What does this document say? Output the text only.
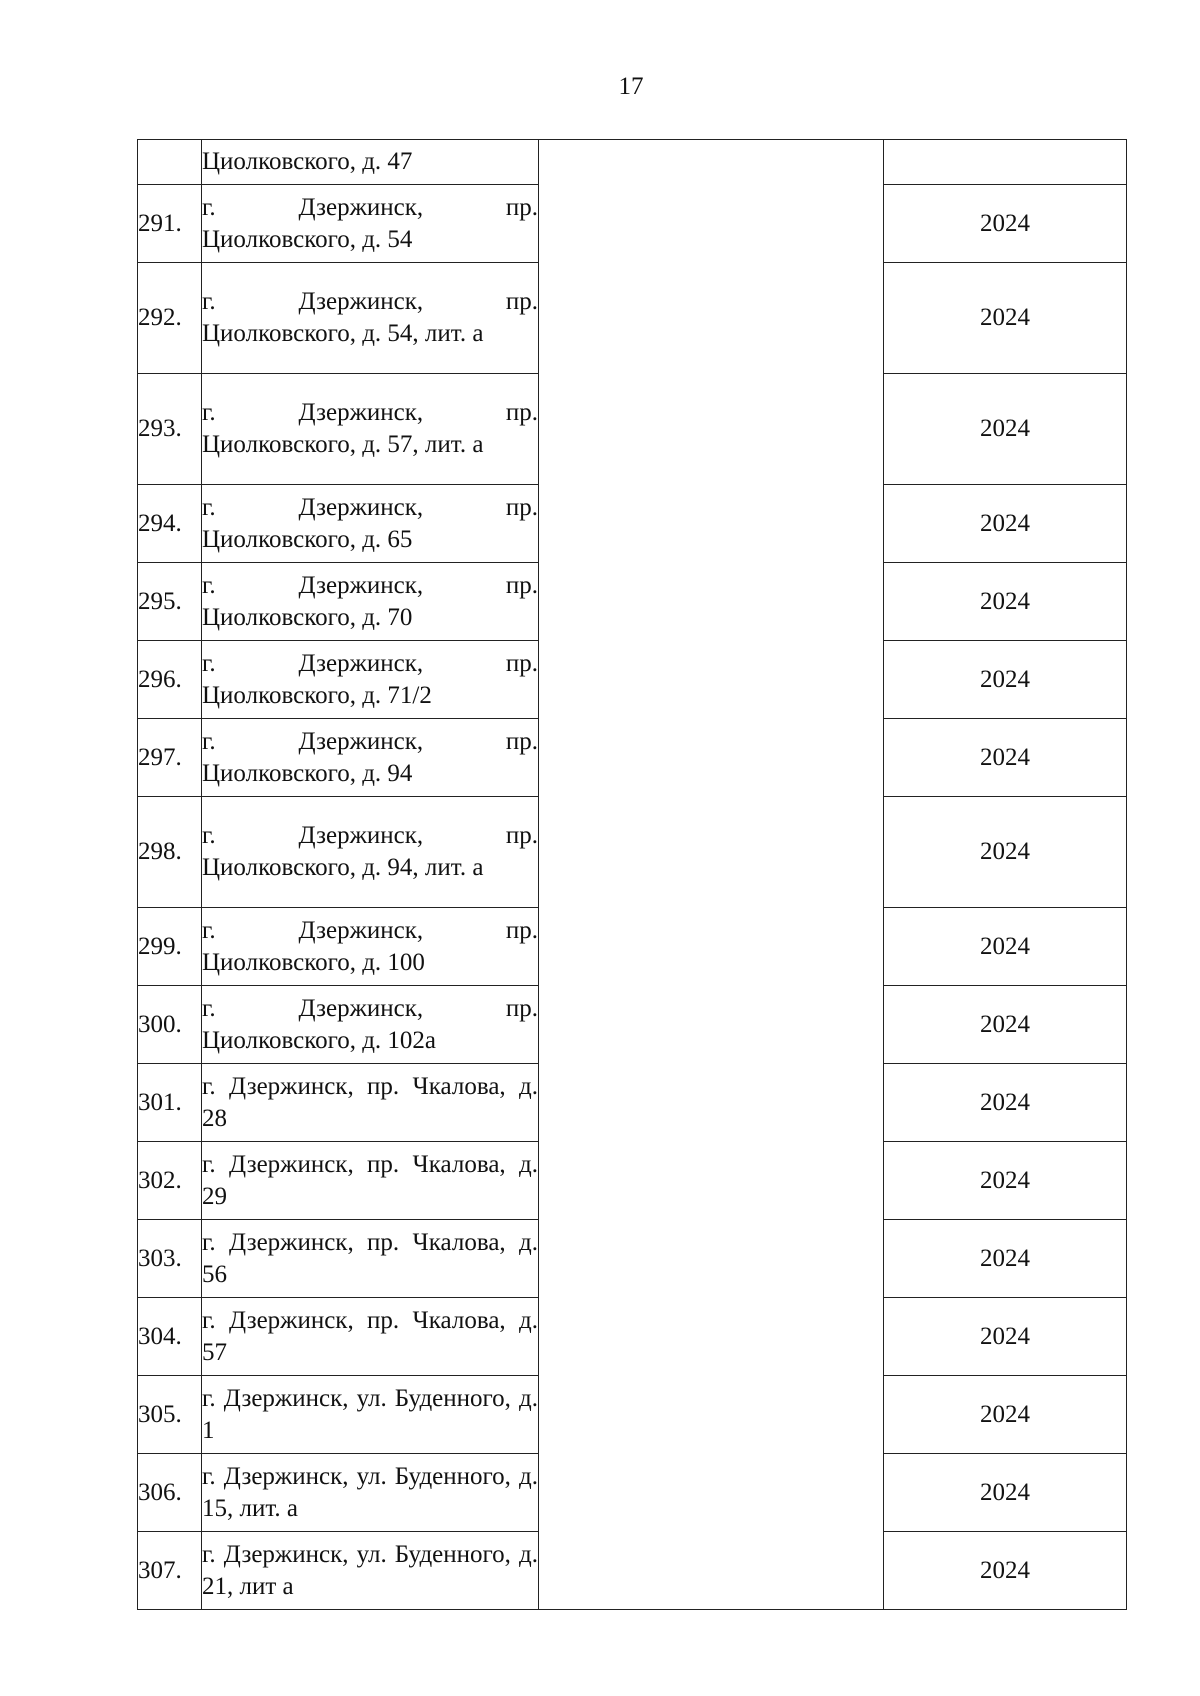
17
	Циолковского, д. 47		
291.	г. Дзержинск, пр. Циолковского, д. 54		2024
292.	г. Дзержинск, пр. Циолковского, д. 54, лит. а		2024
293.	г. Дзержинск, пр. Циолковского, д. 57, лит. а		2024
294.	г. Дзержинск, пр. Циолковского, д. 65		2024
295.	г. Дзержинск, пр. Циолковского, д. 70		2024
296.	г. Дзержинск, пр. Циолковского, д. 71/2		2024
297.	г. Дзержинск, пр. Циолковского, д. 94		2024
298.	г. Дзержинск, пр. Циолковского, д. 94, лит. а		2024
299.	г. Дзержинск, пр. Циолковского, д. 100		2024
300.	г. Дзержинск, пр. Циолковского, д. 102а		2024
301.	г. Дзержинск, пр. Чкалова, д. 28		2024
302.	г. Дзержинск, пр. Чкалова, д. 29		2024
303.	г. Дзержинск, пр. Чкалова, д. 56		2024
304.	г. Дзержинск, пр. Чкалова, д. 57		2024
305.	г. Дзержинск, ул. Буденного, д. 1		2024
306.	г. Дзержинск, ул. Буденного, д. 15, лит. а		2024
307.	г. Дзержинск, ул. Буденного, д. 21, лит а		2024
